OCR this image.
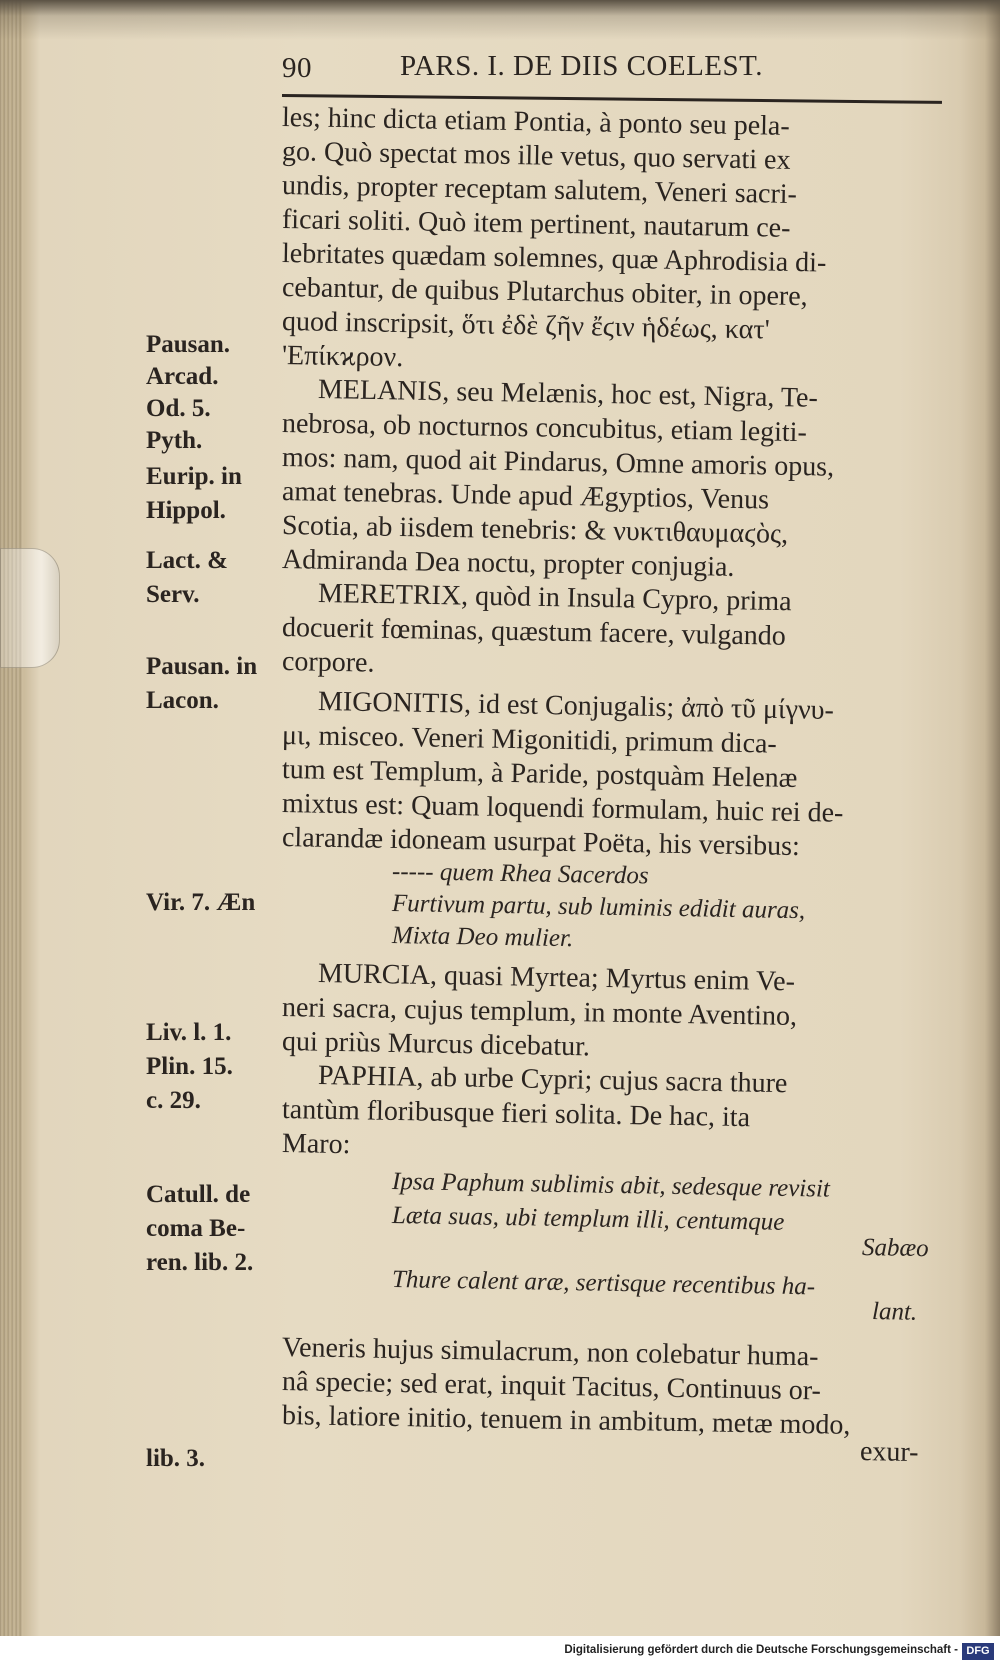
90	PARS. I. DE DIIS COELEST.
les; hinc dicta etiam Pontia, à ponto seu pela-
go. Quò spectat mos ille vetus, quo servati ex
undis, propter receptam salutem, Veneri sacri-
ficari soliti. Quò item pertinent, nautarum ce-
lebritates quædam solemnes, quæ Aphrodisia di-
cebantur, de quibus Plutarchus obiter, in opere,
quod inscripsit, ὅτι ἐδὲ ζῆν ἔϛιν ἡδέως, κατ'
'Επίκϰρον.
MELANIS, seu Melænis, hoc est, Nigra, Te-
nebrosa, ob nocturnos concubitus, etiam legiti-
mos: nam, quod ait Pindarus, Omne amoris opus,
amat tenebras. Unde apud Ægyptios, Venus
Scotia, ab iisdem tenebris: & νυκτιθαυμαϛὸς,
Admiranda Dea noctu, propter conjugia.
MERETRIX, quòd in Insula Cypro, prima
docuerit fœminas, quæstum facere, vulgando
corpore.
MIGONITIS, id est Conjugalis; ἀπὸ τῦ μίγνυ-
μι, misceo. Veneri Migonitidi, primum dica-
tum est Templum, à Paride, postquàm Helenæ
mixtus est: Quam loquendi formulam, huic rei de-
clarandæ idoneam usurpat Poëta, his versibus:
----- quem Rhea Sacerdos
Furtivum partu, sub luminis edidit auras,
Mixta Deo mulier.
MURCIA, quasi Myrtea; Myrtus enim Ve-
neri sacra, cujus templum, in monte Aventino,
qui priùs Murcus dicebatur.
PAPHIA, ab urbe Cypri; cujus sacra thure
tantùm floribusque fieri solita. De hac, ita
Maro:
Ipsa Paphum sublimis abit, sedesque revisit
Læta suas, ubi templum illi, centumque
Sabæo
Thure calent aræ, sertisque recentibus ha-
lant.
Veneris hujus simulacrum, non colebatur huma-
nâ specie; sed erat, inquit Tacitus, Continuus or-
bis, latiore initio, tenuem in ambitum, metæ modo,
exur-
Pausan.
Arcad.
Od. 5.
Pyth.
Eurip. in
Hippol.
Lact. &
Serv.
Pausan. in
Lacon.
Vir. 7. Æn
Liv. l. 1.
Plin. 15.
c. 29.
Catull. de
coma Be-
ren. lib. 2.
lib. 3.
Digitalisierung gefördert durch die Deutsche Forschungsgemeinschaft - DFG
